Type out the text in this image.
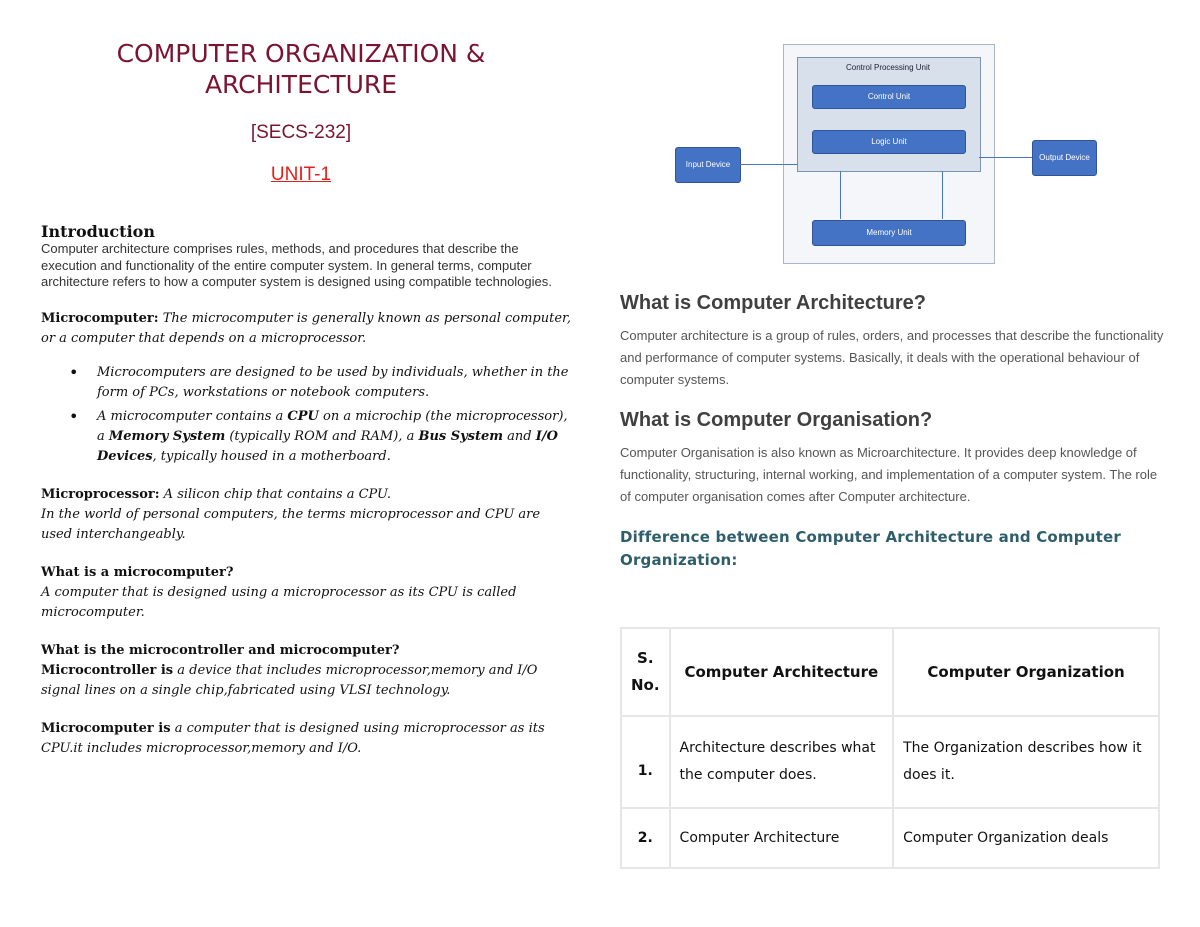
COMPUTER ORGANIZATION & ARCHITECTURE
[SECS-232]
UNIT-1
Introduction

Computer architecture comprises rules, methods, and procedures that describe the execution and functionality of the entire computer system. In general terms, computer architecture refers to how a computer system is designed using compatible technologies.

Microcomputer: The microcomputer is generally known as personal computer, or a computer that depends on a microprocessor.
• Microcomputers are designed to be used by individuals, whether in the form of PCs, workstations or notebook computers.
• A microcomputer contains a CPU on a microchip (the microprocessor), a Memory System (typically ROM and RAM), a Bus System and I/O Devices, typically housed in a motherboard.
Microprocessor: A silicon chip that contains a CPU.
In the world of personal computers, the terms microprocessor and CPU are used interchangeably.
What is a microcomputer?
A computer that is designed using a microprocessor as its CPU is called microcomputer.
What is the microcontroller and microcomputer?
Microcontroller is a device that includes microprocessor,memory and I/O signal lines on a single chip,fabricated using VLSI technology.
Microcomputer is a computer that is designed using microprocessor as its CPU.it includes microprocessor,memory and I/O.
Control Processing Unit
Control Unit
Logic Unit
Memory Unit
Input Device
Output Device
What is Computer Architecture?

Computer architecture is a group of rules, orders, and processes that describe the functionality and performance of computer systems. Basically, it deals with the operational behaviour of computer systems.

What is Computer Organisation?

Computer Organisation is also known as Microarchitecture. It provides deep knowledge of functionality, structuring, internal working, and implementation of a computer system. The role of computer organisation comes after Computer architecture.

Difference between Computer Architecture and Computer Organization:
S. No.	Computer Architecture	Computer Organization
1.	Architecture describes what the computer does.	The Organization describes how it does it.
2.	Computer Architecture	Computer Organization deals
